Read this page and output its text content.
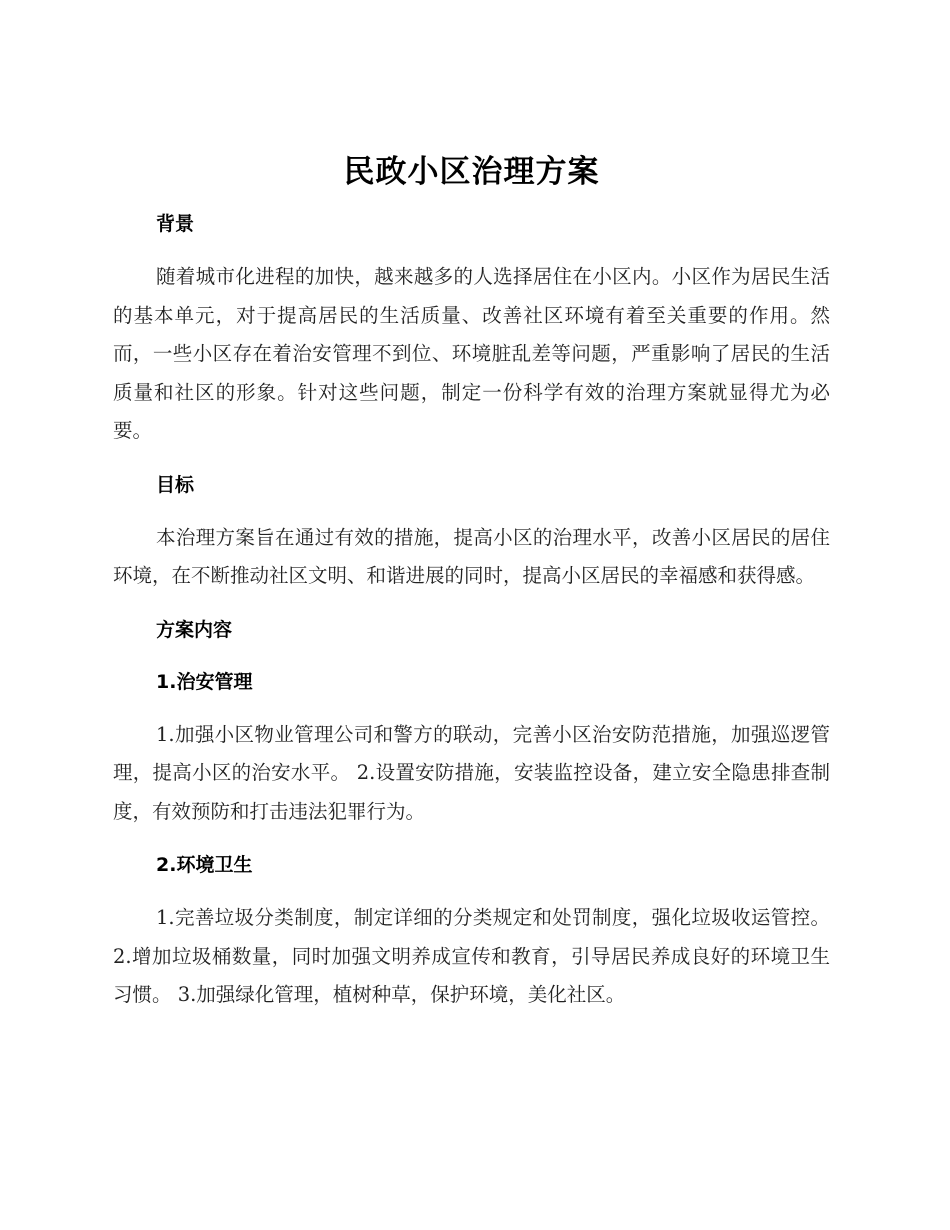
民政小区治理方案
背景

随着城市化进程的加快，越来越多的人选择居住在小区内。小区作为居民生活的基本单元，对于提高居民的生活质量、改善社区环境有着至关重要的作用。然而，一些小区存在着治安管理不到位、环境脏乱差等问题，严重影响了居民的生活质量和社区的形象。针对这些问题，制定一份科学有效的治理方案就显得尤为必要。

目标

本治理方案旨在通过有效的措施，提高小区的治理水平，改善小区居民的居住环境，在不断推动社区文明、和谐进展的同时，提高小区居民的幸福感和获得感。

方案内容
1.治安管理

1.加强小区物业管理公司和警方的联动，完善小区治安防范措施，加强巡逻管理，提高小区的治安水平。 2.设置安防措施，安装监控设备，建立安全隐患排查制度，有效预防和打击违法犯罪行为。

2.环境卫生

1.完善垃圾分类制度，制定详细的分类规定和处罚制度，强化垃圾收运管控。 2.增加垃圾桶数量，同时加强文明养成宣传和教育，引导居民养成良好的环境卫生习惯。 3.加强绿化管理，植树种草，保护环境，美化社区。
